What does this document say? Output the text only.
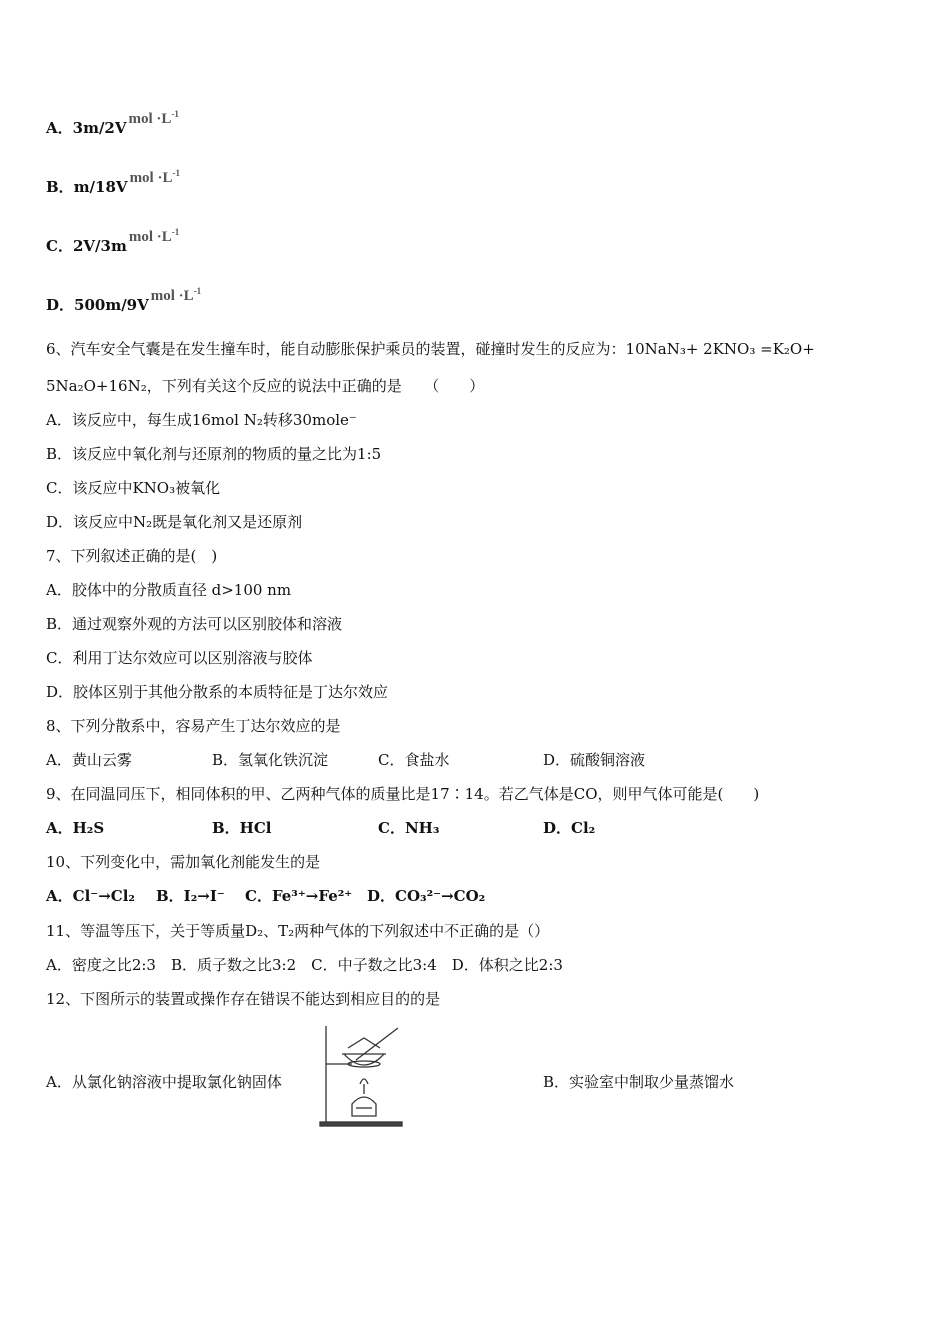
A．3m/2V mol $\cdot L^{-1}$
B．m/18V mol $\cdot L^{-1}$
C．2V/3m mol $\cdot L^{-1}$
D．500m/9V mol $\cdot L^{-1}$
6、汽车安全气囊是在发生撞车时，能自动膨胀保护乘员的装置，碰撞时发生的反应为：10NaN₃+ 2KNO₃ =K₂O+
5Na₂O+16N₂，下列有关这个反应的说法中正确的是　　（　　）
A．该反应中，每生成16mol N₂转移30mole⁻
B．该反应中氧化剂与还原剂的物质的量之比为1:5
C．该反应中KNO₃被氧化
D．该反应中N₂既是氧化剂又是还原剂
7、下列叙述正确的是(　)
A．胶体中的分散质直径 d>100 nm
B．通过观察外观的方法可以区别胶体和溶液
C．利用丁达尔效应可以区别溶液与胶体
D．胶体区别于其他分散系的本质特征是丁达尔效应
8、下列分散系中，容易产生丁达尔效应的是
A．黄山云雾	B．氢氧化铁沉淀	C．食盐水	D．硫酸铜溶液
9、在同温同压下，相同体积的甲、乙两种气体的质量比是17∶14。若乙气体是CO，则甲气体可能是(　　)
A．H₂S	B．HCl	C．NH₃	D．Cl₂
10、下列变化中，需加氧化剂能发生的是
A．Cl⁻→Cl₂ B．I₂→I⁻ C．Fe³⁺→Fe²⁺ D．CO₃²⁻→CO₂
11、等温等压下，关于等质量D₂、T₂两种气体的下列叙述中不正确的是（）
A．密度之比2:3　B．质子数之比3:2　C．中子数之比3:4　D．体积之比2:3
12、下图所示的装置或操作存在错误不能达到相应目的的是
A．从氯化钠溶液中提取氯化钠固体	B．实验室中制取少量蒸馏水
